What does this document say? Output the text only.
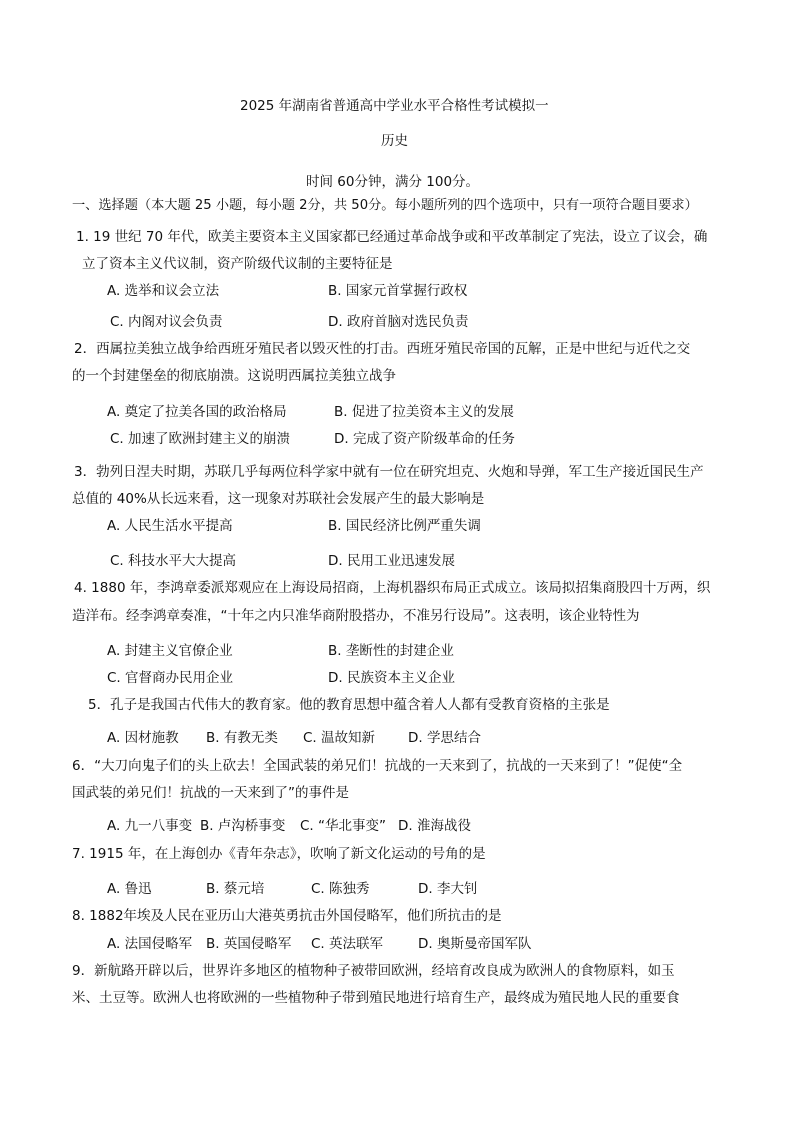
2025 年湖南省普通高中学业水平合格性考试模拟一
历史
时间 60分钟，满分 100分。
一、选择题（本大题 25 小题，每小题 2分，共 50分。每小题所列的四个选项中，只有一项符合题目要求）
1. 19 世纪 70 年代，欧美主要资本主义国家都已经通过革命战争或和平改革制定了宪法，设立了议会，确
立了资本主义代议制，资产阶级代议制的主要特征是
A. 选举和议会立法	B. 国家元首掌握行政权
C. 内阁对议会负责	D. 政府首脑对选民负责
2．西属拉美独立战争给西班牙殖民者以毁灭性的打击。西班牙殖民帝国的瓦解，正是中世纪与近代之交
的一个封建堡垒的彻底崩溃。这说明西属拉美独立战争
A. 奠定了拉美各国的政治格局	B. 促进了拉美资本主义的发展
C. 加速了欧洲封建主义的崩溃	D. 完成了资产阶级革命的任务
3．勃列日涅夫时期，苏联几乎每两位科学家中就有一位在研究坦克、火炮和导弹，军工生产接近国民生产
总值的 40%从长远来看，这一现象对苏联社会发展产生的最大影响是
A. 人民生活水平提高	B. 国民经济比例严重失调
C. 科技水平大大提高	D. 民用工业迅速发展
4. 1880 年，李鸿章委派郑观应在上海设局招商，上海机器织布局正式成立。该局拟招集商股四十万两，织
造洋布。经李鸿章奏准，“十年之内只准华商附股搭办，不准另行设局”。这表明，该企业特性为
A. 封建主义官僚企业	B. 垄断性的封建企业
C. 官督商办民用企业	D. 民族资本主义企业
5．孔子是我国古代伟大的教育家。他的教育思想中蕴含着人人都有受教育资格的主张是
A. 因材施教 B. 有教无类 C. 温故知新 D. 学思结合
6．“大刀向鬼子们的头上砍去！全国武装的弟兄们！抗战的一天来到了，抗战的一天来到了！”促使“全
国武装的弟兄们！抗战的一天来到了”的事件是
A. 九一八事变 B. 卢沟桥事变 C. “华北事变” D. 淮海战役
7. 1915 年，在上海创办《青年杂志》，吹响了新文化运动的号角的是
A. 鲁迅	B. 蔡元培	C. 陈独秀	D. 李大钊
8. 1882年埃及人民在亚历山大港英勇抗击外国侵略军，他们所抗击的是
A. 法国侵略军 B. 英国侵略军 C. 英法联军	D. 奥斯曼帝国军队
9．新航路开辟以后，世界许多地区的植物种子被带回欧洲，经培育改良成为欧洲人的食物原料，如玉
米、土豆等。欧洲人也将欧洲的一些植物种子带到殖民地进行培育生产，最终成为殖民地人民的重要食
